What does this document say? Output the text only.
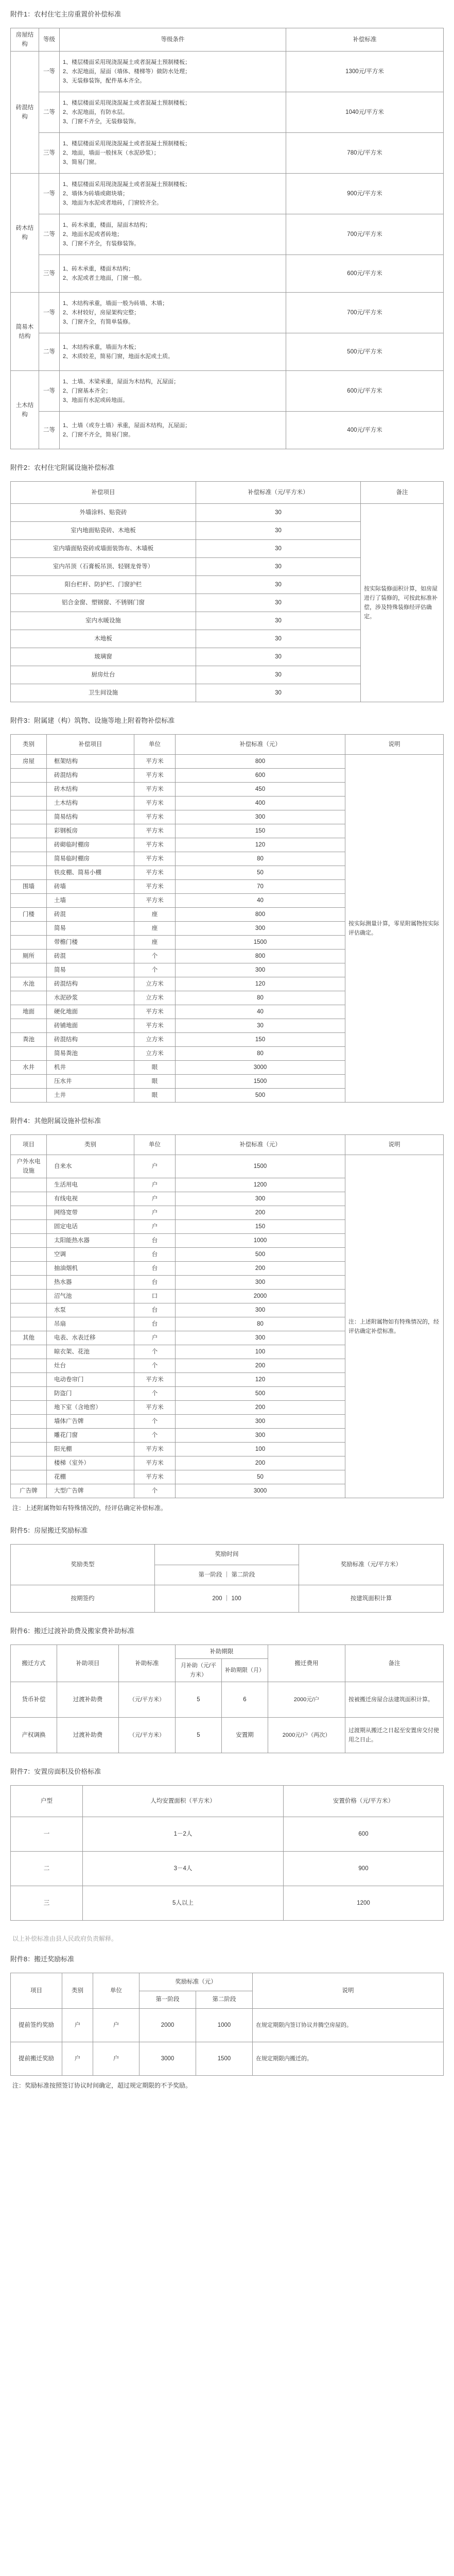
附件1：农村住宅主房重置价补偿标准
房屋结构	等级	等级条件	补偿标准
砖混结构	一等	1、楼层楼面采用现浇混凝土或者混凝土预制楼板；
2、水泥地面，屋面（墙体、楼梯等）做防水处理；
3、无装修装饰，配件基本齐全。	1300元/平方米
	二等	1、楼层楼面采用现浇混凝土或者混凝土预制楼板；
2、水泥地面，有防水层。
3、门窗不齐全，无装修装饰。	1040元/平方米
	三等	1、楼层楼面采用现浇混凝土或者混凝土预制楼板；
2、地面，墙面一般抹灰（水泥砂浆）；
3、简易门窗。	780元/平方米
砖木结构	一等	1、楼层楼面采用现浇混凝土或者混凝土预制楼板；
2、墙体为砖墙或砌块墙；
3、地面为水泥或者地砖，门窗较齐全。	900元/平方米
	二等	1、砖木承重，楼面，屋面木结构；
2、地面水泥或者砖地；
3、门窗不齐全，有装修装饰。	700元/平方米
	三等	1、砖木承重，楼面木结构；
2、水泥或者土地面，门窗一般。	600元/平方米
简易木结构	一等	1、木结构承重，墙面一般为砖墙、木墙；
2、木材较好，房屋架构完整；
3、门窗齐全，有简单装修。	700元/平方米
	二等	1、木结构承重，墙面为木板；
2、木质较差，简易门窗，地面水泥或土质。	500元/平方米
土木结构	一等	1、土墙、木梁承重，屋面为木结构，瓦屋面；
2、门窗基本齐全；
3、地面有水泥或砖地面。	600元/平方米
	二等	1、土墙（或夯土墙）承重，屋面木结构，瓦屋面；
2、门窗不齐全，简易门窗。	400元/平方米
附件2：农村住宅附属设施补偿标准
补偿项目	补偿标准（元/平方米）	备注
外墙涂料、贴瓷砖	30	按实际装修面积计算，如房屋进行了装修的，可按此标准补偿，涉及特殊装修经评估确定。
室内地面贴瓷砖、木地板	30	
室内墙面贴瓷砖或墙面装饰布、木墙板	30	
室内吊顶（石膏板吊顶、轻钢龙骨等）	30	
阳台栏杆、防护栏、门窗护栏	30	
铝合金窗、塑钢窗、不锈钢门窗	30	
室内水暖设施	30	
木地板	30	
玻璃窗	30	
厨房灶台	30	
卫生间设施	30	
附件3：附属建（构）筑物、设施等地上附着物补偿标准
类别	补偿项目	单位	补偿标准（元）	说明
房屋	框架结构	平方米	800	按实际测量计算，零星附属物按实际评估确定。
	砖混结构	平方米	600	
	砖木结构	平方米	450	
	土木结构	平方米	400	
	简易结构	平方米	300	
	彩钢板房	平方米	150	
	砖砌临时棚房	平方米	120	
	简易临时棚房	平方米	80	
	铁皮棚、简易小棚	平方米	50	
围墙	砖墙	平方米	70	
	土墙	平方米	40	
门楼	砖混	座	800	
	简易	座	300	
	带檐门楼	座	1500	
厕所	砖混	个	800	
	简易	个	300	
水池	砖混结构	立方米	120	
	水泥砂浆	立方米	80	
地面	硬化地面	平方米	40	
	砖铺地面	平方米	30	
粪池	砖混结构	立方米	150	
	简易粪池	立方米	80	
水井	机井	眼	3000	
	压水井	眼	1500	
	土井	眼	500	
附件4：其他附属设施补偿标准
项目	类别	单位	补偿标准（元）	说明
户外水电设施	自来水	户	1500	注：上述附属物如有特殊情况的，经评估确定补偿标准。
	生活用电	户	1200	
	有线电视	户	300	
	网络宽带	户	200	
	固定电话	户	150	
	太阳能热水器	台	1000	
	空调	台	500	
	抽油烟机	台	200	
	热水器	台	300	
	沼气池	口	2000	
	水泵	台	300	
	吊扇	台	80	
其他	电表、水表迁移	户	300	
	晾衣架、花池	个	100	
	灶台	个	200	
	电动卷帘门	平方米	120	
	防盗门	个	500	
	地下室（含地窖）	平方米	200	
	墙体广告牌	个	300	
	雕花门窗	个	300	
	阳光棚	平方米	100	
	楼梯（室外）	平方米	200	
	花棚	平方米	50	
广告牌	大型广告牌	个	3000	
注：上述附属物如有特殊情况的，经评估确定补偿标准。
附件5：房屋搬迁奖励标准
奖励类型	奖励时间	奖励标准（元/平方米）
	第一阶段 ｜ 第二阶段	
按期签约	200 ｜ 100	按建筑面积计算
附件6：搬迁过渡补助费及搬家费补助标准
搬迁方式	补助项目	补助标准	补助期限		搬迁费用	备注
			月补助（元/平方米）	补助期限（月）		
货币补偿	过渡补助费	（元/平方米）	5	6	2000元/户	按被搬迁房屋合法建筑面积计算。
产权调换	过渡补助费	（元/平方米）	5	安置期	2000元/户（两次）	过渡期从搬迁之日起至安置房交付使用之日止。
附件7：安置房面积及价格标准
户型	人均安置面积（平方米）	安置价格（元/平方米）
一	1－2人	600
二	3－4人	900
三	5人以上	1200
以上补偿标准由县人民政府负责解释。
附件8：搬迁奖励标准
项目	类别	单位	奖励标准（元）		说明
			第一阶段	第二阶段	
提前签约奖励	户	户	2000	1000	在规定期限内签订协议并腾空房屋的。
提前搬迁奖励	户	户	3000	1500	在规定期限内搬迁的。
注：奖励标准按照签订协议时间确定，超过规定期限的不予奖励。
